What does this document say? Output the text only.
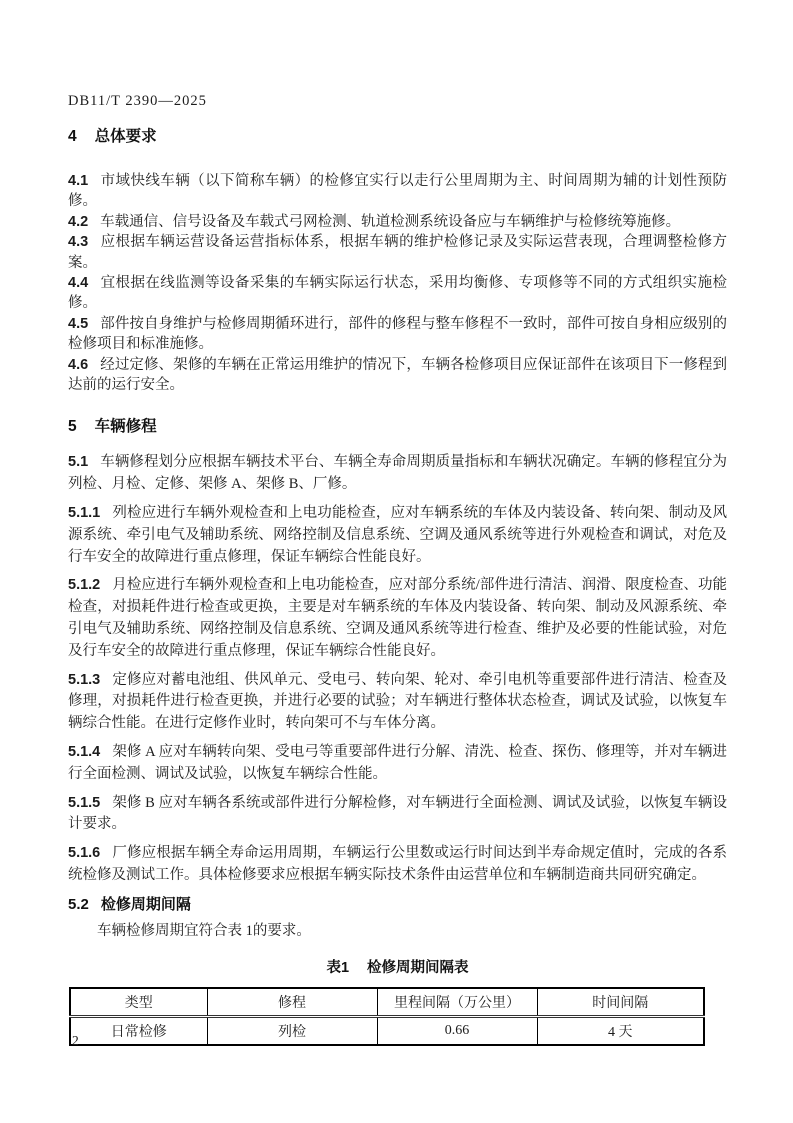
DB11/T 2390—2025
4 总体要求

4.1 市域快线车辆（以下简称车辆）的检修宜实行以走行公里周期为主、时间周期为辅的计划性预防修。

4.2 车载通信、信号设备及车载式弓网检测、轨道检测系统设备应与车辆维护与检修统筹施修。

4.3 应根据车辆运营设备运营指标体系，根据车辆的维护检修记录及实际运营表现，合理调整检修方案。

4.4 宜根据在线监测等设备采集的车辆实际运行状态，采用均衡修、专项修等不同的方式组织实施检修。

4.5 部件按自身维护与检修周期循环进行，部件的修程与整车修程不一致时，部件可按自身相应级别的检修项目和标准施修。

4.6 经过定修、架修的车辆在正常运用维护的情况下，车辆各检修项目应保证部件在该项目下一修程到达前的运行安全。

5 车辆修程

5.1 车辆修程划分应根据车辆技术平台、车辆全寿命周期质量指标和车辆状况确定。车辆的修程宜分为列检、月检、定修、架修 A、架修 B、厂修。

5.1.1 列检应进行车辆外观检查和上电功能检查，应对车辆系统的车体及内装设备、转向架、制动及风源系统、牵引电气及辅助系统、网络控制及信息系统、空调及通风系统等进行外观检查和调试，对危及行车安全的故障进行重点修理，保证车辆综合性能良好。

5.1.2 月检应进行车辆外观检查和上电功能检查，应对部分系统/部件进行清洁、润滑、限度检查、功能检查，对损耗件进行检查或更换，主要是对车辆系统的车体及内装设备、转向架、制动及风源系统、牵引电气及辅助系统、网络控制及信息系统、空调及通风系统等进行检查、维护及必要的性能试验，对危及行车安全的故障进行重点修理，保证车辆综合性能良好。

5.1.3 定修应对蓄电池组、供风单元、受电弓、转向架、轮对、牵引电机等重要部件进行清洁、检查及修理，对损耗件进行检查更换，并进行必要的试验；对车辆进行整体状态检查，调试及试验，以恢复车辆综合性能。在进行定修作业时，转向架可不与车体分离。

5.1.4 架修 A 应对车辆转向架、受电弓等重要部件进行分解、清洗、检查、探伤、修理等，并对车辆进行全面检测、调试及试验，以恢复车辆综合性能。

5.1.5 架修 B 应对车辆各系统或部件进行分解检修，对车辆进行全面检测、调试及试验，以恢复车辆设计要求。

5.1.6 厂修应根据车辆全寿命运用周期，车辆运行公里数或运行时间达到半寿命规定值时，完成的各系统检修及测试工作。具体检修要求应根据车辆实际技术条件由运营单位和车辆制造商共同研究确定。

5.2 检修周期间隔

车辆检修周期宜符合表 1的要求。

表1 检修周期间隔表
类型	修程	里程间隔（万公里）	时间间隔
日常检修	列检	0.66	4 天
2
